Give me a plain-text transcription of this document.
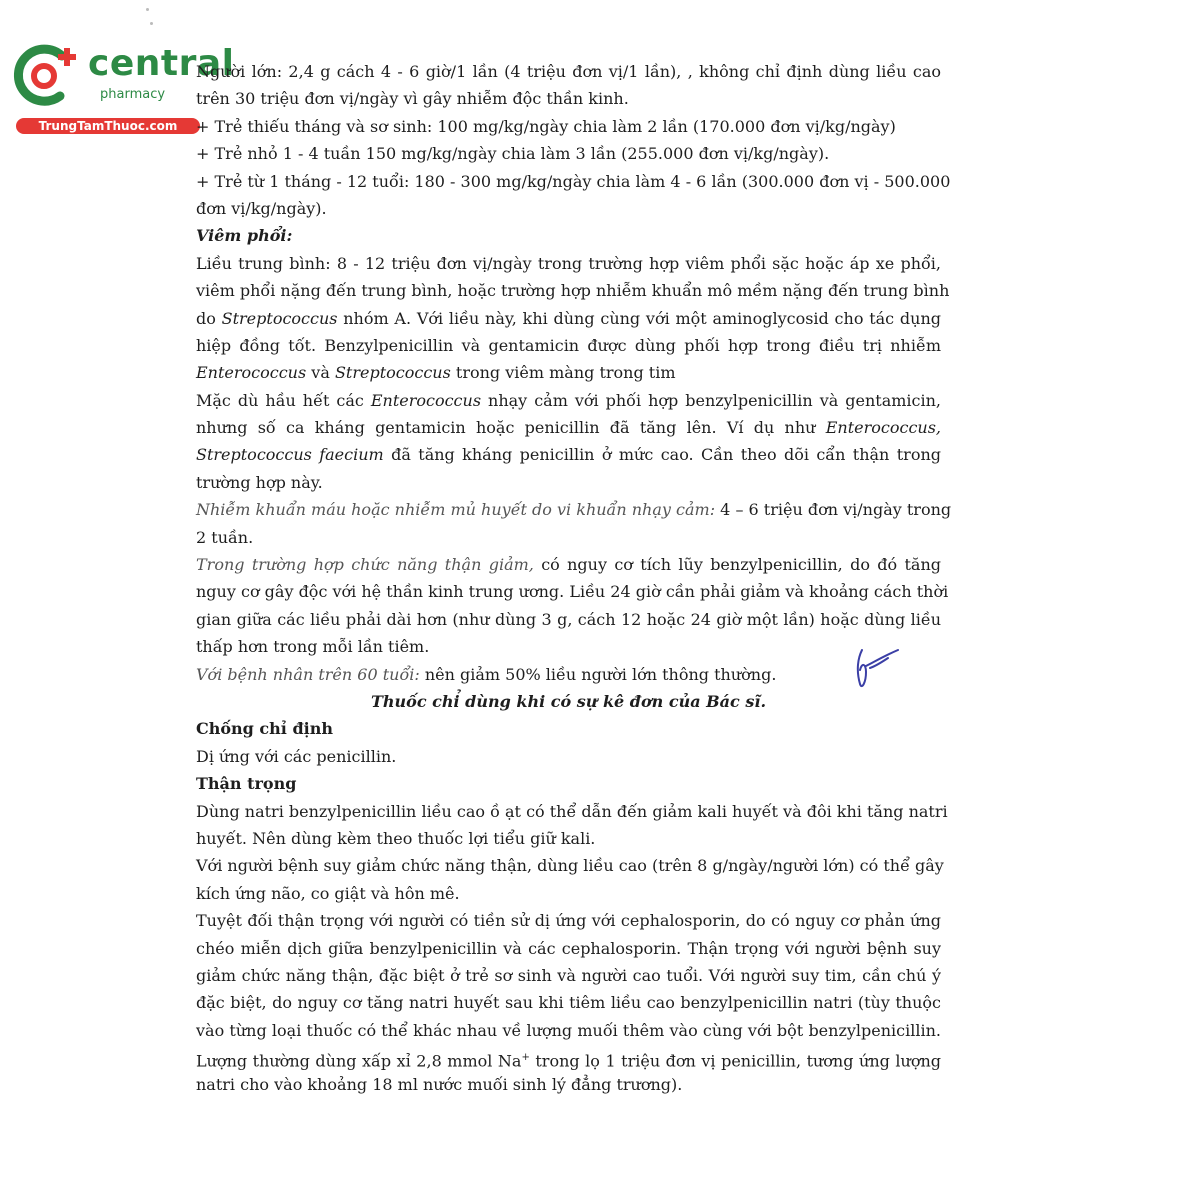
central
pharmacy
TrungTamThuoc.com
Người lớn: 2,4 g cách 4 - 6 giờ/1 lần (4 triệu đơn vị/1 lần), , không chỉ định dùng liều cao
trên 30 triệu đơn vị/ngày vì gây nhiễm độc thần kinh.
+ Trẻ thiếu tháng và sơ sinh: 100 mg/kg/ngày chia làm 2 lần (170.000 đơn vị/kg/ngày)
+ Trẻ nhỏ 1 - 4 tuần 150 mg/kg/ngày chia làm 3 lần (255.000 đơn vị/kg/ngày).
+ Trẻ từ 1 tháng - 12 tuổi: 180 - 300 mg/kg/ngày chia làm 4 - 6 lần (300.000 đơn vị - 500.000
đơn vị/kg/ngày).
Viêm phổi:
Liều trung bình: 8 - 12 triệu đơn vị/ngày trong trường hợp viêm phổi sặc hoặc áp xe phổi,
viêm phổi nặng đến trung bình, hoặc trường hợp nhiễm khuẩn mô mềm nặng đến trung bình
do Streptococcus nhóm A. Với liều này, khi dùng cùng với một aminoglycosid cho tác dụng
hiệp đồng tốt. Benzylpenicillin và gentamicin được dùng phối hợp trong điều trị nhiễm
Enterococcus và Streptococcus trong viêm màng trong tim
Mặc dù hầu hết các Enterococcus nhạy cảm với phối hợp benzylpenicillin và gentamicin,
nhưng số ca kháng gentamicin hoặc penicillin đã tăng lên. Ví dụ như Enterococcus,
Streptococcus faecium đã tăng kháng penicillin ở mức cao. Cần theo dõi cẩn thận trong
trường hợp này.
Nhiễm khuẩn máu hoặc nhiễm mủ huyết do vi khuẩn nhạy cảm: 4 – 6 triệu đơn vị/ngày trong
2 tuần.
Trong trường hợp chức năng thận giảm, có nguy cơ tích lũy benzylpenicillin, do đó tăng
nguy cơ gây độc với hệ thần kinh trung ương. Liều 24 giờ cần phải giảm và khoảng cách thời
gian giữa các liều phải dài hơn (như dùng 3 g, cách 12 hoặc 24 giờ một lần) hoặc dùng liều
thấp hơn trong mỗi lần tiêm.
Với bệnh nhân trên 60 tuổi: nên giảm 50% liều người lớn thông thường.
Thuốc chỉ dùng khi có sự kê đơn của Bác sĩ.
Chống chỉ định
Dị ứng với các penicillin.
Thận trọng
Dùng natri benzylpenicillin liều cao ồ ạt có thể dẫn đến giảm kali huyết và đôi khi tăng natri
huyết. Nên dùng kèm theo thuốc lợi tiểu giữ kali.
Với người bệnh suy giảm chức năng thận, dùng liều cao (trên 8 g/ngày/người lớn) có thể gây
kích ứng não, co giật và hôn mê.
Tuyệt đối thận trọng với người có tiền sử dị ứng với cephalosporin, do có nguy cơ phản ứng
chéo miễn dịch giữa benzylpenicillin và các cephalosporin. Thận trọng với người bệnh suy
giảm chức năng thận, đặc biệt ở trẻ sơ sinh và người cao tuổi. Với người suy tim, cần chú ý
đặc biệt, do nguy cơ tăng natri huyết sau khi tiêm liều cao benzylpenicillin natri (tùy thuộc
vào từng loại thuốc có thể khác nhau về lượng muối thêm vào cùng với bột benzylpenicillin.
Lượng thường dùng xấp xỉ 2,8 mmol Na+ trong lọ 1 triệu đơn vị penicillin, tương ứng lượng
natri cho vào khoảng 18 ml nước muối sinh lý đẳng trương).
